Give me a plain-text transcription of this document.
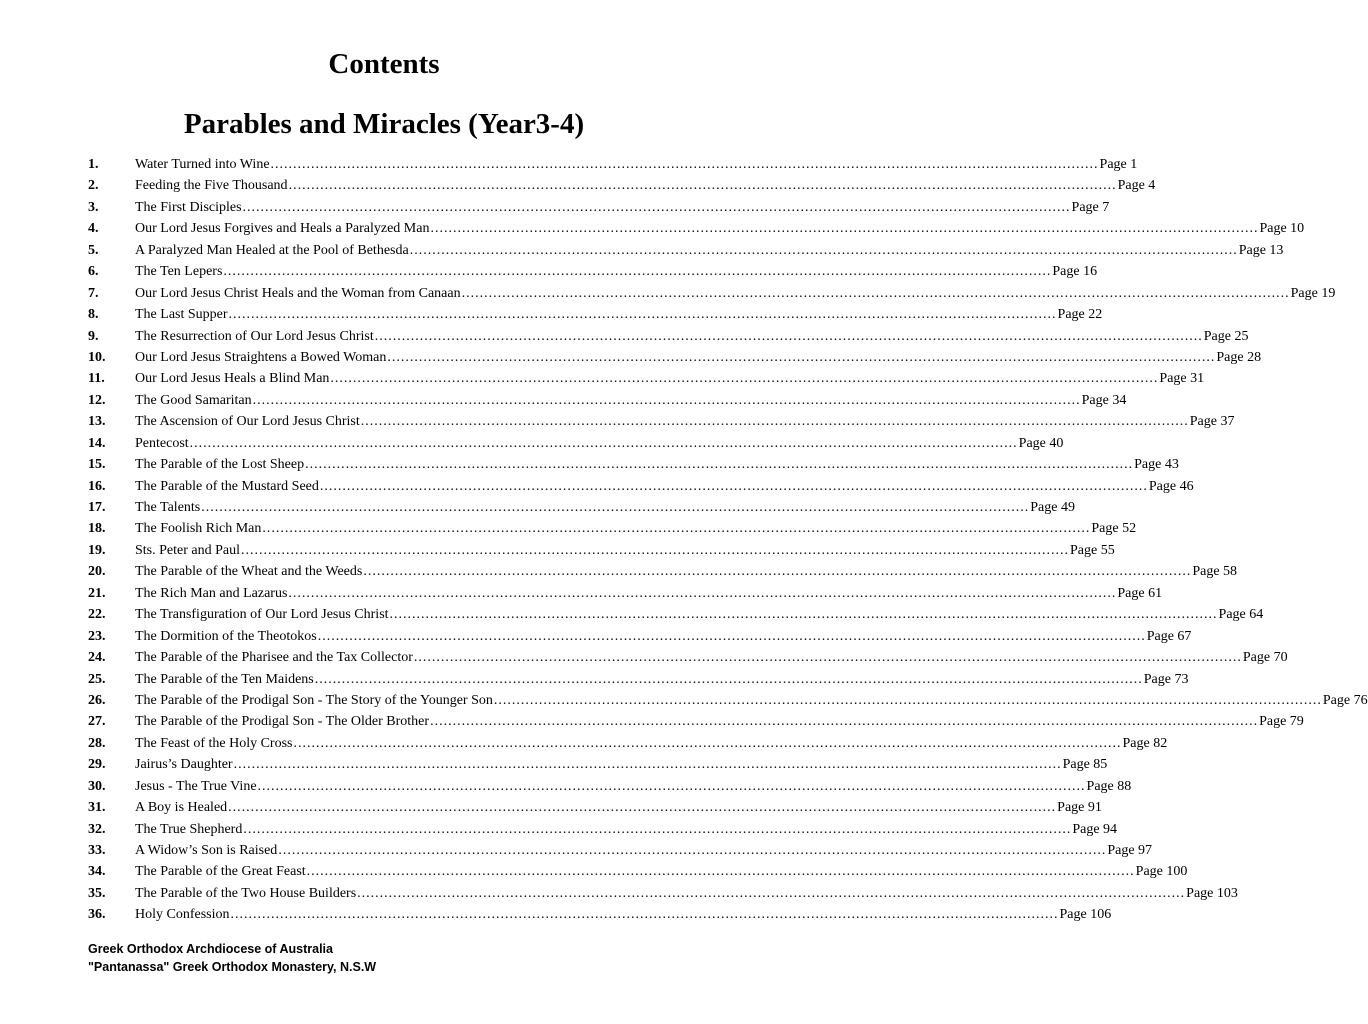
Contents
Parables and Miracles (Year3-4)
1.	Water Turned into Wine .....	Page 1
2.	Feeding the Five Thousand .....	Page 4
3.	The First Disciples .....	Page 7
4.	Our Lord Jesus Forgives and Heals a Paralyzed Man .....	Page 10
5.	A Paralyzed Man Healed at the Pool of Bethesda .....	Page 13
6.	The Ten Lepers .....	Page 16
7.	Our Lord Jesus Christ Heals and the Woman from Canaan .....	Page 19
8.	The Last Supper .....	Page 22
9.	The Resurrection of Our Lord Jesus Christ .....	Page 25
10.	Our Lord Jesus Straightens a Bowed Woman .....	Page 28
11.	Our Lord Jesus Heals a Blind Man .....	Page 31
12.	The Good Samaritan .....	Page 34
13.	The Ascension of Our Lord Jesus Christ .....	Page 37
14.	Pentecost .....	Page 40
15.	The Parable of the Lost Sheep .....	Page 43
16.	The Parable of the Mustard Seed .....	Page 46
17.	The Talents .....	Page 49
18.	The Foolish Rich Man .....	Page 52
19.	Sts. Peter and Paul .....	Page 55
20.	The Parable of the Wheat and the Weeds .....	Page 58
21.	The Rich Man and Lazarus .....	Page 61
22.	The Transfiguration of Our Lord Jesus Christ .....	Page 64
23.	The Dormition of the Theotokos .....	Page 67
24.	The Parable of the Pharisee and the Tax Collector .....	Page 70
25.	The Parable of the Ten Maidens .....	Page 73
26.	The Parable of the Prodigal Son - The Story of the Younger Son .....	Page 76
27.	The Parable of the Prodigal Son - The Older Brother .....	Page 79
28.	The Feast of the Holy Cross .....	Page 82
29.	Jairus’s Daughter .....	Page 85
30.	Jesus - The True Vine .....	Page 88
31.	A Boy is Healed .....	Page 91
32.	The True Shepherd .....	Page 94
33.	A Widow’s Son is Raised .....	Page 97
34.	The Parable of the Great Feast .....	Page 100
35.	The Parable of the Two House Builders .....	Page 103
36.	Holy Confession .....	Page 106
Greek Orthodox Archdiocese of Australia
"Pantanassa" Greek Orthodox Monastery, N.S.W
